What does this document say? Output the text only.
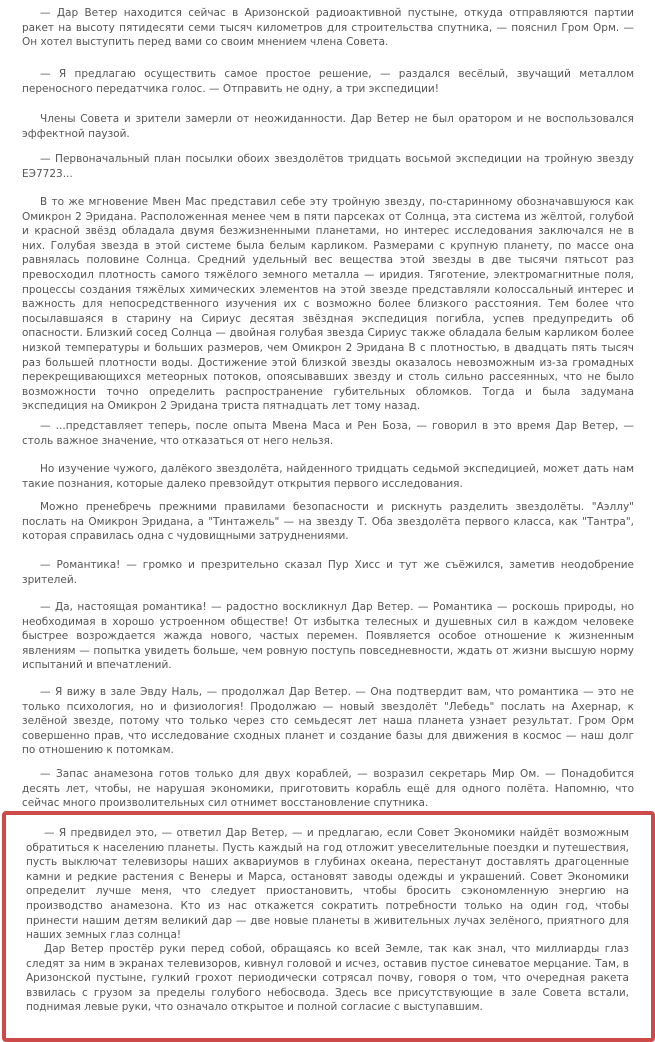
— Дар Ветер находится сейчас в Аризонской радиоактивной пустыне, откуда отправляются партии ракет на высоту пятидесяти семи тысяч километров для строительства спутника, — пояснил Гром Орм. — Он хотел выступить перед вами со своим мнением члена Совета.

— Я предлагаю осуществить самое простое решение, — раздался весёлый, звучащий металлом переносного передатчика голос. — Отправить не одну, а три экспедиции!

Члены Совета и зрители замерли от неожиданности. Дар Ветер не был оратором и не воспользовался эффектной паузой.

— Первоначальный план посылки обоих звездолётов тридцать восьмой экспедиции на тройную звезду ЕЭ7723...

В то же мгновение Мвен Мас представил себе эту тройную звезду, по-старинному обозначавшуюся как Омикрон 2 Эридана. Расположенная менее чем в пяти парсеках от Солнца, эта система из жёлтой, голубой и красной звёзд обладала двумя безжизненными планетами, но интерес исследования заключался не в них. Голубая звезда в этой системе была белым карликом. Размерами с крупную планету, по массе она равнялась половине Солнца. Средний удельный вес вещества этой звезды в две тысячи пятьсот раз превосходил плотность самого тяжёлого земного металла — иридия. Тяготение, электромагнитные поля, процессы создания тяжёлых химических элементов на этой звезде представляли колоссальный интерес и важность для непосредственного изучения их с возможно более близкого расстояния. Тем более что посылавшаяся в старину на Сириус десятая звёздная экспедиция погибла, успев предупредить об опасности. Близкий сосед Солнца — двойная голубая звезда Сириус также обладала белым карликом более низкой температуры и больших размеров, чем Омикрон 2 Эридана В с плотностью, в двадцать пять тысяч раз большей плотности воды. Достижение этой близкой звезды оказалось невозможным из-за громадных перекрещивающихся метеорных потоков, опоясывавших звезду и столь сильно рассеянных, что не было возможности точно определить распространение губительных обломков. Тогда и была задумана экспедиция на Омикрон 2 Эридана триста пятнадцать лет тому назад.

— ...представляет теперь, после опыта Мвена Маса и Рен Боза, — говорил в это время Дар Ветер, — столь важное значение, что отказаться от него нельзя.

Но изучение чужого, далёкого звездолёта, найденного тридцать седьмой экспедицией, может дать нам такие познания, которые далеко превзойдут открытия первого исследования.

Можно пренебречь прежними правилами безопасности и рискнуть разделить звездолёты. "Аэллу" послать на Омикрон Эридана, а "Тинтажель" — на звезду Т. Оба звездолёта первого класса, как "Тантра", которая справилась одна с чудовищными затруднениями.

— Романтика! — громко и презрительно сказал Пур Хисс и тут же съёжился, заметив неодобрение зрителей.

— Да, настоящая романтика! — радостно воскликнул Дар Ветер. — Романтика — роскошь природы, но необходимая в хорошо устроенном обществе! От избытка телесных и душевных сил в каждом человеке быстрее возрождается жажда нового, частых перемен. Появляется особое отношение к жизненным явлениям — попытка увидеть больше, чем ровную поступь повседневности, ждать от жизни высшую норму испытаний и впечатлений.

— Я вижу в зале Эвду Наль, — продолжал Дар Ветер. — Она подтвердит вам, что романтика — это не только психология, но и физиология! Продолжаю — новый звездолёт "Лебедь" послать на Ахернар, к зелёной звезде, потому что только через сто семьдесят лет наша планета узнает результат. Гром Орм совершенно прав, что исследование сходных планет и создание базы для движения в космос — наш долг по отношению к потомкам.

— Запас анамезона готов только для двух кораблей, — возразил секретарь Мир Ом. — Понадобится десять лет, чтобы, не нарушая экономики, приготовить корабль ещё для одного полёта. Напомню, что сейчас много произволительных сил отнимет восстановление спутника.

— Я предвидел это, — ответил Дар Ветер, — и предлагаю, если Совет Экономики найдёт возможным обратиться к населению планеты. Пусть каждый на год отложит увеселительные поездки и путешествия, пусть выключат телевизоры наших аквариумов в глубинах океана, перестанут доставлять драгоценные камни и редкие растения с Венеры и Марса, остановят заводы одежды и украшений. Совет Экономики определит лучше меня, что следует приостановить, чтобы бросить сэкономленную энергию на производство анамезона. Кто из нас откажется сократить потребности только на один год, чтобы принести нашим детям великий дар — две новые планеты в живительных лучах зелёного, приятного для наших земных глаз солнца!

Дар Ветер простёр руки перед собой, обращаясь ко всей Земле, так как знал, что миллиарды глаз следят за ним в экранах телевизоров, кивнул головой и исчез, оставив пустое синеватое мерцание. Там, в Аризонской пустыне, гулкий грохот периодически сотрясал почву, говоря о том, что очередная ракета взвилась с грузом за пределы голубого небосвода. Здесь все присутствующие в зале Совета встали, поднимая левые руки, что означало открытое и полной согласие с выступавшим.
